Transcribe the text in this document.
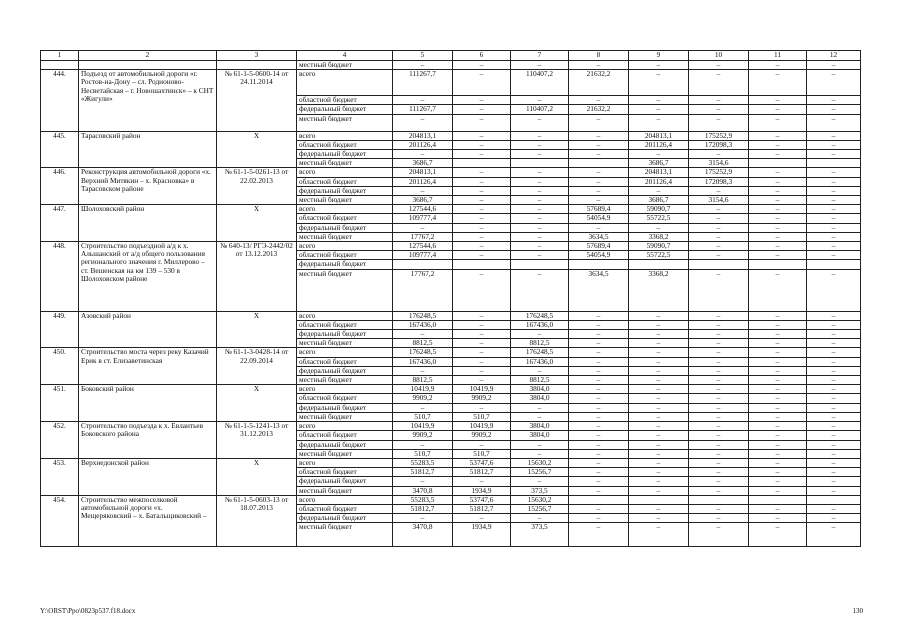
1	2	3	4	5	6	7	8	9	10	11	12
			местный бюджет	–	–	–	–	–	–	–	–
444.	Подъезд от автомобильной дороги «г. Ростов-на-Дону – сл. Родионово-Несветайская – г. Новошахтинск» – к СНТ «Жигули»	№ 61-1-5-0600-14 от 24.11.2014	всего	111267,7	–	110407,2	21632,2	–	–	–	–
			областной бюджет	–	–	–	–	–	–	–	–
			федеральный бюджет	111267,7	–	110407,2	21632,2	–	–	–	–
			местный бюджет	–	–	–	–	–	–	–	–
445.	Тарасовский район	Х	всего	204813,1	–	–	–	204813,1	175252,9	–	–
			областной бюджет	201126,4	–	–	–	201126,4	172098,3	–	–
			федеральный бюджет	–	–	–	–	–	–	–	–
			местный бюджет	3686,7				3686,7	3154,6		
446.	Реконструкция автомобильной дороги «х. Верхний Митякин – х. Красновка» в Тарасовском районе	№ 61-1-5-0261-13 от 22.02.2013	всего	204813,1	–	–	–	204813,1	175252,9	–	–
			областной бюджет	201126,4	–	–	–	201126,4	172098,3	–	–
			федеральный бюджет	–	–	–	–	–	–	–	–
			местный бюджет	3686,7	–	–	–	3686,7	3154,6	–	–
447.	Шолоховский район	Х	всего	127544,6	–	–	57689,4	59090,7	–	–	–
			областной бюджет	109777,4	–	–	54054,9	55722,5	–	–	–
			федеральный бюджет	–	–	–	–	–	–	–	–
			местный бюджет	17767,2	–	–	3634,5	3368,2	–	–	–
448.	Строительство подъездной а/д к х. Альшанский от а/д общего пользования регионального значения г. Миллерово – ст. Вешенская на км 139 – 530 в Шолоховском районе	№ 640-13/ РГЭ-2442/02 от 13.12.2013	всего	127544,6	–	–	57689,4	59090,7	–	–	–
			областной бюджет	109777,4	–	–	54054,9	55722,5	–	–	–
			федеральный бюджет								
			местный бюджет	17767,2	–	–	3634,5	3368,2	–	–	–
449.	Азовский район	Х	всего	176248,5	–	176248,5	–	–	–	–	–
			областной бюджет	167436,0	–	167436,0	–	–	–	–	–
			федеральный бюджет	–	–	–	–	–	–	–	–
			местный бюджет	8812,5	–	8812,5	–	–	–	–	–
450.	Строительство моста через реку Казачий Ерик в ст. Елизаветинская	№ 61-1-3-0428-14 от 22.09.2014	всего	176248,5	–	176248,5	–	–	–	–	–
			областной бюджет	167436,0	–	167436,0	–	–	–	–	–
			федеральный бюджет	–	–	–	–	–	–	–	–
			местный бюджет	8812,5	–	8812,5	–	–	–	–	–
451.	Боковский район	Х	всего	10419,9	10419,9	3804,0	–	–	–	–	–
			областной бюджет	9909,2	9909,2	3804,0	–	–	–	–	–
			федеральный бюджет	–	–	–	–	–	–	–	–
			местный бюджет	510,7	510,7	–	–	–	–	–	–
452.	Строительство подъезда к х. Евлантьев Боковского района	№ 61-1-5-1241-13 от 31.12.2013	всего	10419,9	10419,9	3804,0	–	–	–	–	–
			областной бюджет	9909,2	9909,2	3804,0	–	–	–	–	–
			федеральный бюджет	–	–	–	–	–	–	–	–
			местный бюджет	510,7	510,7	–	–	–	–	–	–
453.	Верхнедонской район	Х	всего	55283,5	53747,6	15630,2	–	–	–	–	–
			областной бюджет	51812,7	51812,7	15256,7	–	–	–	–	–
			федеральный бюджет	–	–	–	–	–	–	–	–
			местный бюджет	3470,8	1934,9	373,5	–	–	–	–	–
454.	Строительство межпоселковой автомобильной дороги «х. Мещеряковский – х. Батальщиковский –	№ 61-1-5-0603-13 от 18.07.2013	всего	55283,5	53747,6	15630,2					
			областной бюджет	51812,7	51812,7	15256,7	–	–	–	–	–
			федеральный бюджет	–	–	–	–	–	–	–	–
			местный бюджет	3470,8	1934,9	373,5	–	–	–	–	–
Y:\ORST\Ppo\0823p537.f18.docx	130
